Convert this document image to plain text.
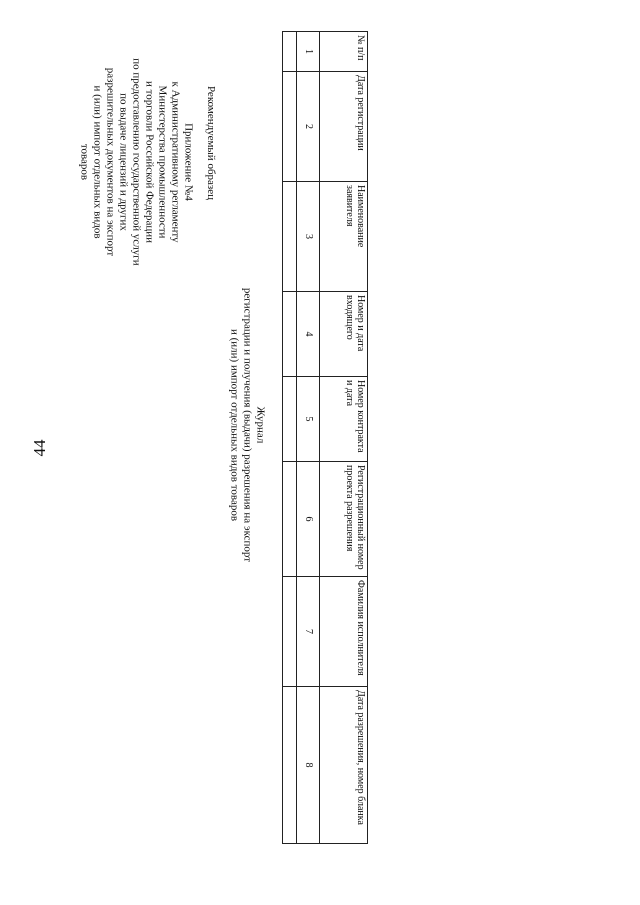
44
Приложение №4
к Административному регламенту
Министерства промышленности
и торговли Российской Федерации
по предоставлению государственной услуги
по выдаче лицензий и других
разрешительных документов на экспорт
и (или) импорт отдельных видов
товаров	Рекомендуемый образец
Журнал
регистрации и получения (выдачи) разрешения на экспорт
и (или) импорт отдельных видов товаров
№ п/п	Дата регистрации	Наименование заявителя	Номер и дата входящего	Номер контракта и дата	Регистрационный номер проекта разрешения	Фамилия исполнителя	Дата разрешения, номер бланка
1	2	3	4	5	6	7	8
